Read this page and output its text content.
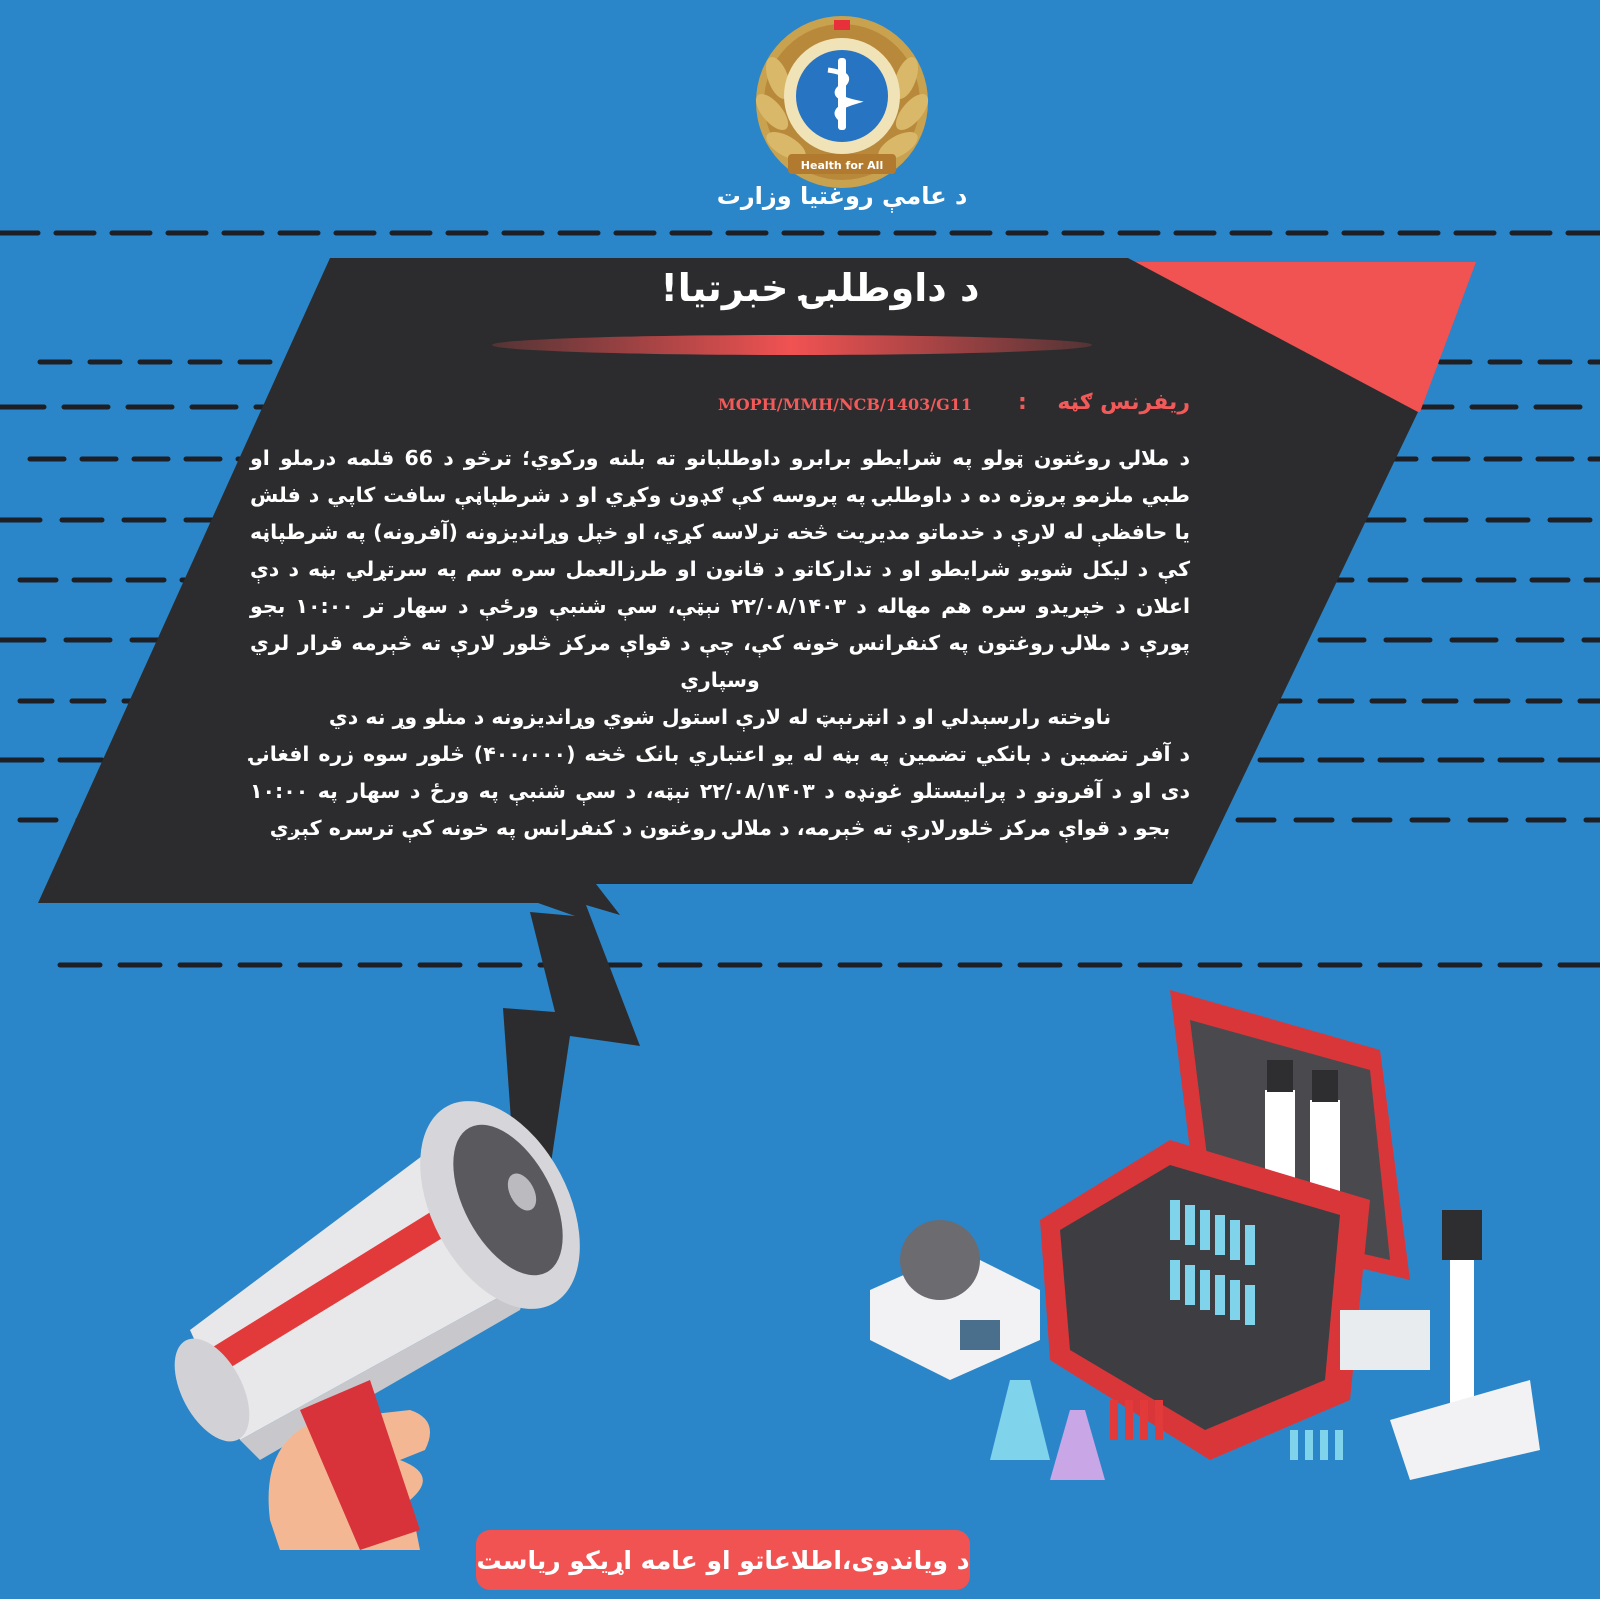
Health for All
د عامې روغتيا وزارت
د داوطلبۍ خبرتيا!
ريفرنس ګڼه
:
MOPH/MMH/NCB/1403/G11

د ملالۍ روغتون ټولو په شرايطو برابرو داوطلبانو ته بلنه ورکوي؛ ترڅو د 66 قلمه درملو او طبي ملزمو پروژه ده د داوطلبۍ په پروسه کې ګډون وکړي او د شرطپاڼې سافت کاپي د فلش يا حافظې له لارې د خدماتو مديريت څخه ترلاسه کړي، او خپل وړانديزونه (آفرونه) په شرطپاڼه کې د ليکل شويو شرايطو او د تدارکاتو د قانون او طرزالعمل سره سم په سرتړلي بڼه د دې اعلان د خپريدو سره هم مهاله د ۲۲/۰۸/۱۴۰۳ نېټې، سې شنبې ورځې د سهار تر ۱۰:۰۰ بجو پورې د ملالۍ روغتون په کنفرانس خونه کې، چې د قواې مرکز څلور لارې ته څېرمه قرار لري وسپاري

ناوخته رارسېدلي او د انټرنېټ له لارې استول شوي وړانديزونه د منلو وړ نه دي

د آفر تضمين د بانکي تضمين په بڼه له يو اعتباري بانک څخه (۴۰۰،۰۰۰) څلور سوه زره افغانۍ دی او د آفرونو د پرانيستلو غونډه د ۲۲/۰۸/۱۴۰۳ نېټه، د سې شنبې په ورځ د سهار په ۱۰:۰۰ بجو د قواې مرکز څلورلارې ته څېرمه، د ملالۍ روغتون د کنفرانس په خونه کې ترسره کېږي

د وياندوی،اطلاعاتو او عامه اړيکو رياست
